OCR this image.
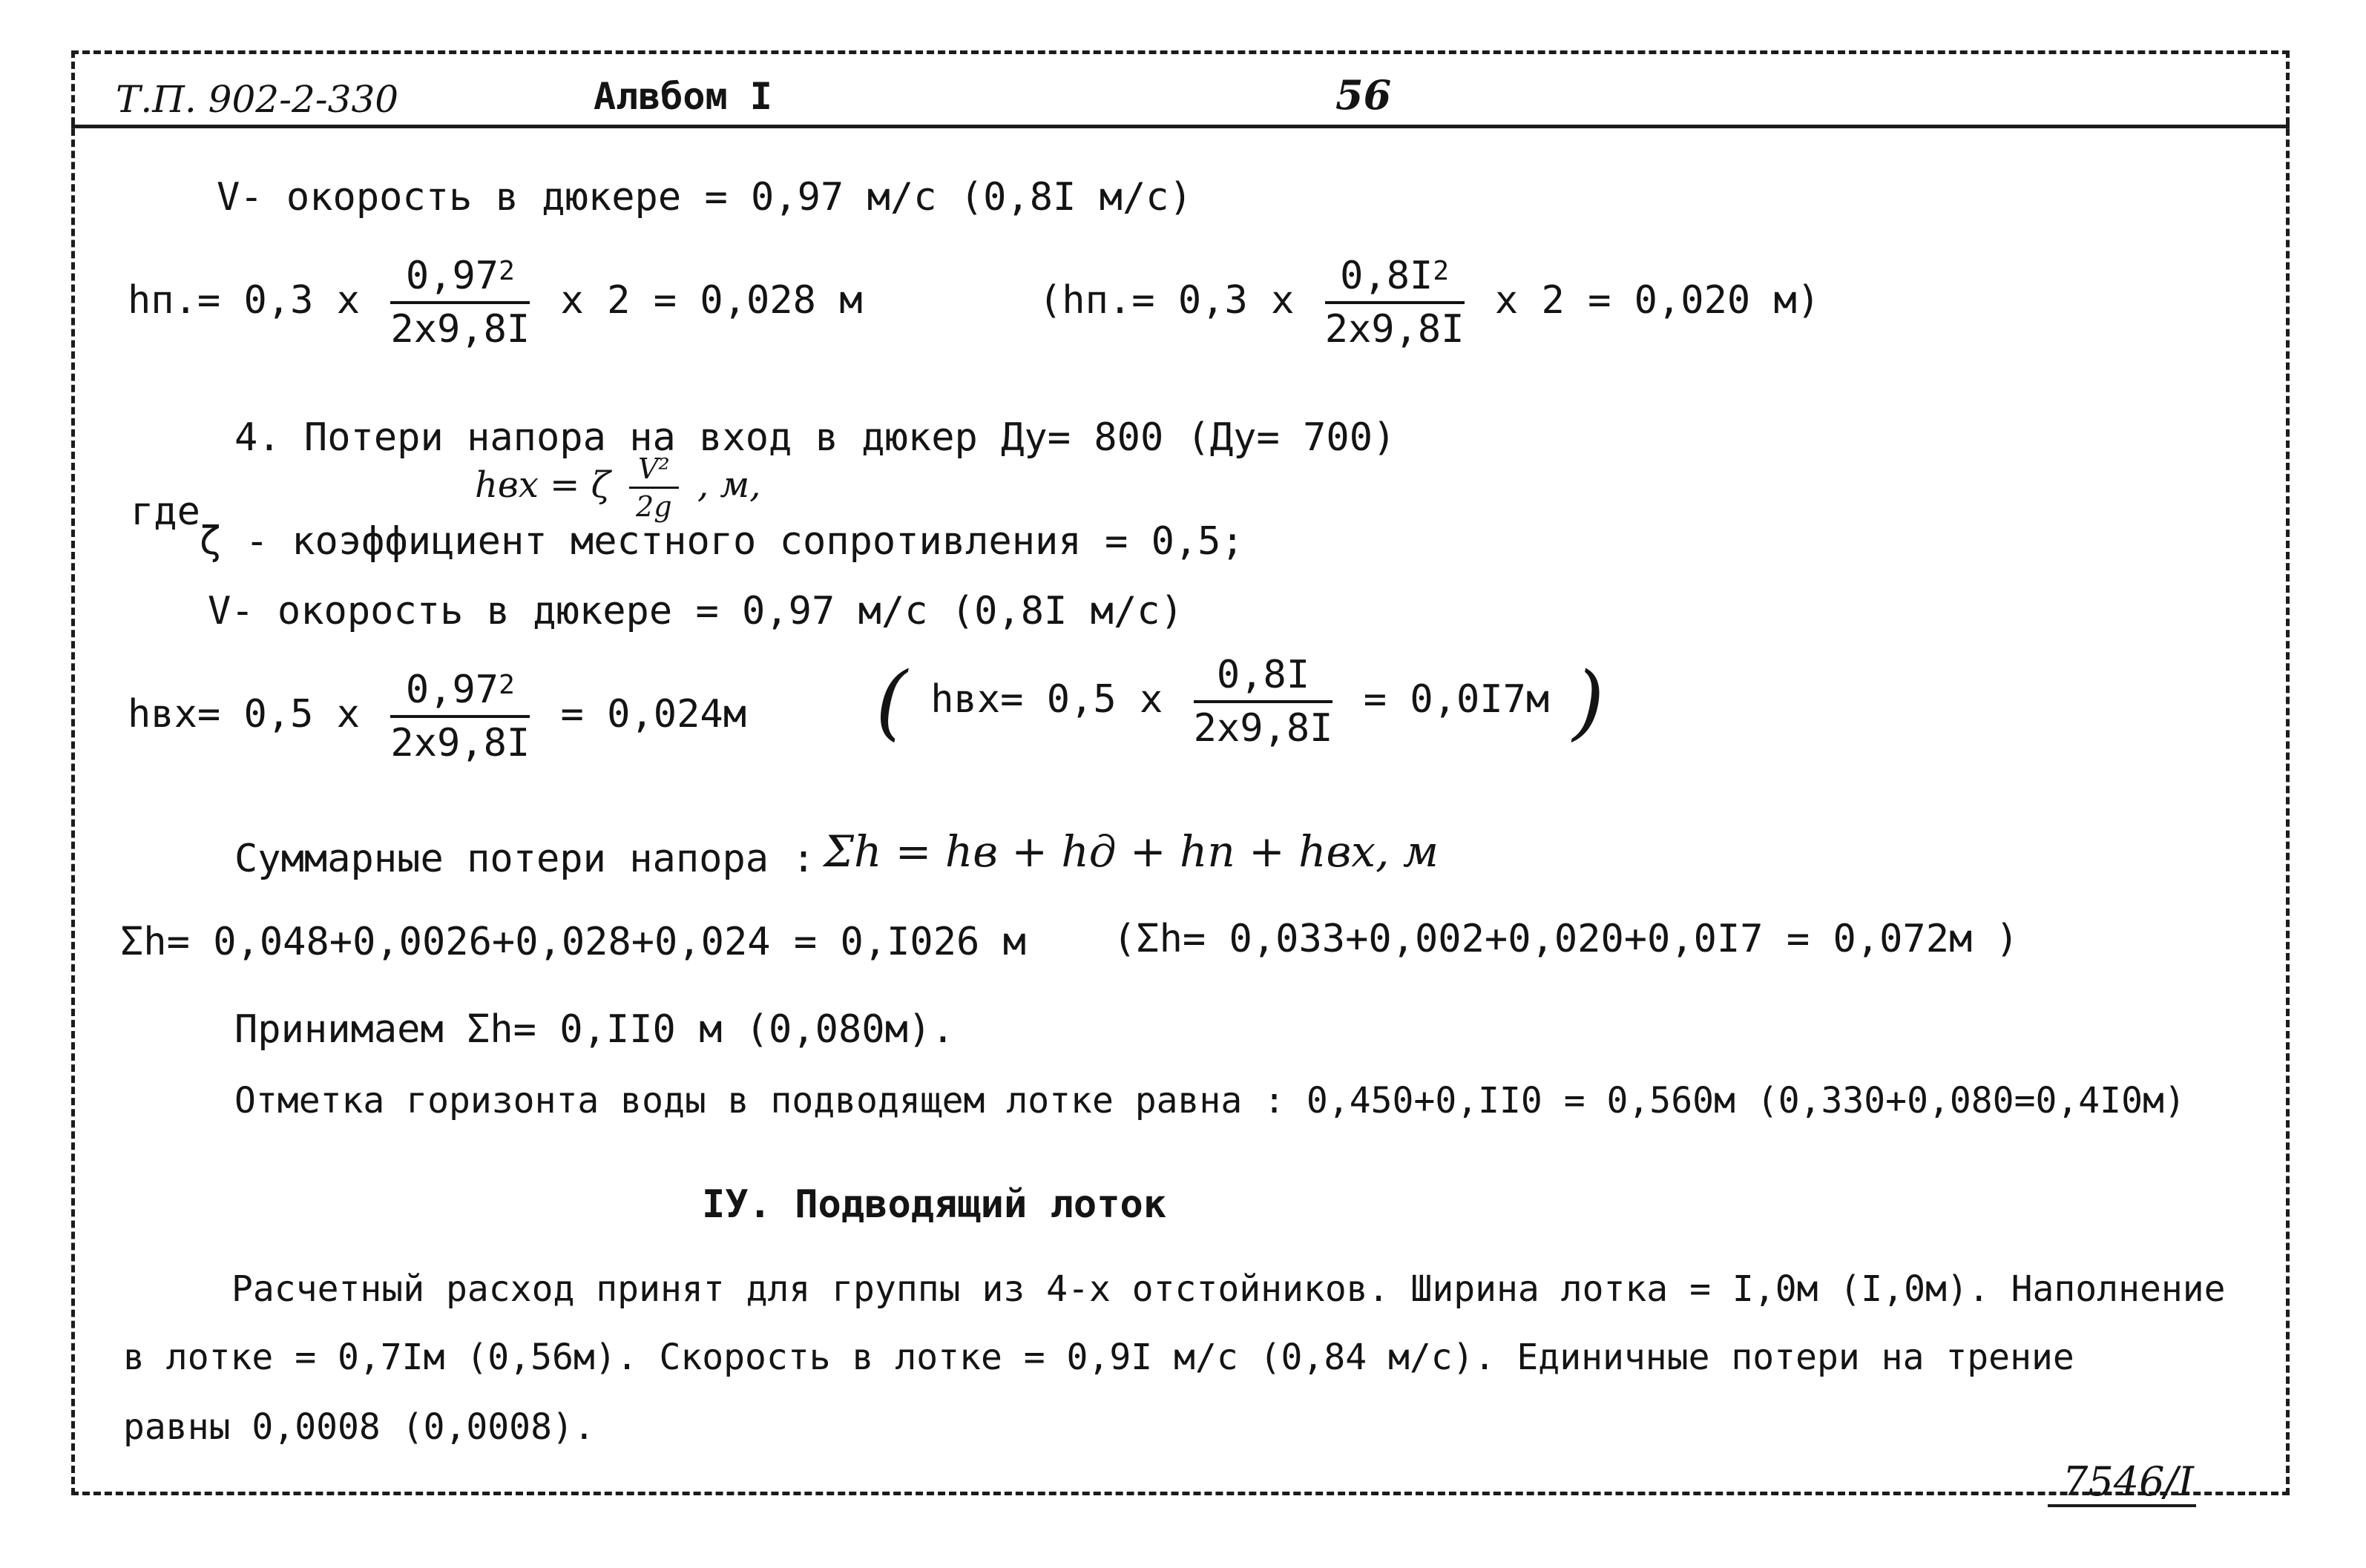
Т.П. 902-2-330	Алвбом I	56
V- окорость в дюкере = 0,97 м/с (0,8I м/с)
hп.= 0,3 x $\frac{0,97^2}{2x9,8I}$ x 2 = 0,028 м	(hп.= 0,3 x $\frac{0,8I^2}{2x9,8I}$ x 2 = 0,020 м)
4. Потери напора на вход в дюкер Ду= 800 (Ду= 700)
где
hвх = ζ $\frac{\text{V²}}{2g}$ , м,
ζ - коэффициент местного сопротивления = 0,5;
V- окорость в дюкере = 0,97 м/с (0,8I м/с)
hвх= 0,5 x $\frac{0,97^2}{2x9,8I} = 0,024м$ ( hвх= 0,5 x $\frac{0,8I}{2x9,8I} = 0,0I7м$ )
Суммарные потери напора : Σh = hв + hд + hп + hвх, м
Σh= 0,048+0,0026+0,028+0,024 = 0,I026 м (Σh= 0,033+0,002+0,020+0,0I7 = 0,072м )
Принимаем Σh= 0,II0 м (0,080м).
Отметка горизонта воды в подводящем лотке равна : 0,450+0,II0 = 0,560м (0,330+0,080=0,4I0м)
IУ. Подводящий лоток
Расчетный расход принят для группы из 4-х отстойников. Ширина лотка = I,0м (I,0м). Наполнение
в лотке = 0,7Iм (0,56м). Скорость в лотке = 0,9I м/с (0,84 м/с). Единичные потери на трение
равны 0,0008 (0,0008).
7546/I
